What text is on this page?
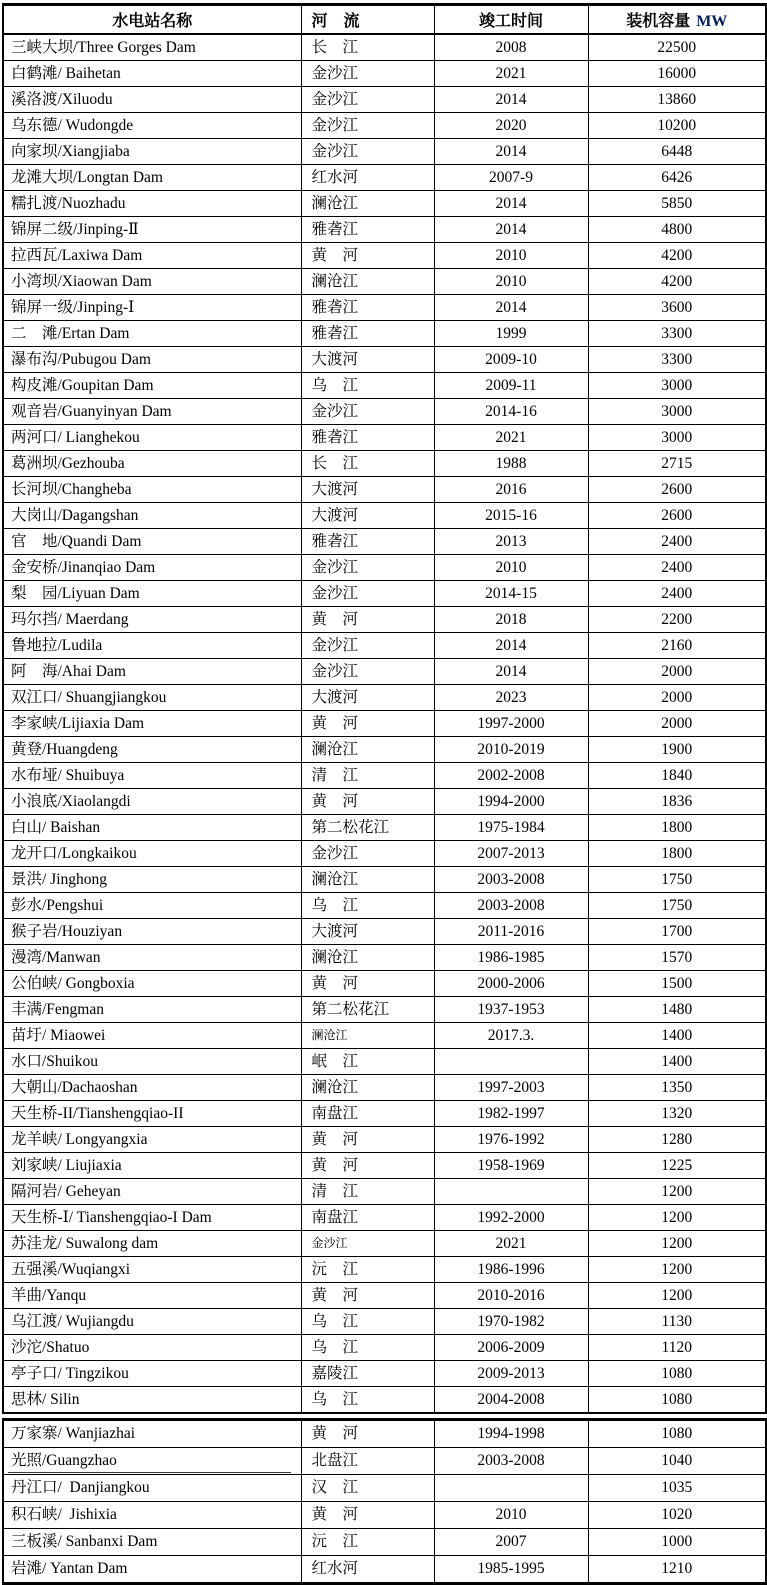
水电站名称	河　流	竣工时间	装机容量 MW
三峡大坝/Three Gorges Dam	长　江	2008	22500
白鹤滩/ Baihetan	金沙江	2021	16000
溪洛渡/Xiluodu	金沙江	2014	13860
乌东德/ Wudongde	金沙江	2020	10200
向家坝/Xiangjiaba	金沙江	2014	6448
龙滩大坝/Longtan Dam	红水河	2007-9	6426
糯扎渡/Nuozhadu	澜沧江	2014	5850
锦屏二级/Jinping-Ⅱ	雅砻江	2014	4800
拉西瓦/Laxiwa Dam	黄　河	2010	4200
小湾坝/Xiaowan Dam	澜沧江	2010	4200
锦屏一级/Jinping-Ⅰ	雅砻江	2014	3600
二　滩/Ertan Dam	雅砻江	1999	3300
瀑布沟/Pubugou Dam	大渡河	2009-10	3300
构皮滩/Goupitan Dam	乌　江	2009-11	3000
观音岩/Guanyinyan Dam	金沙江	2014-16	3000
两河口/ Lianghekou	雅砻江	2021	3000
葛洲坝/Gezhouba	长　江	1988	2715
长河坝/Changheba	大渡河	2016	2600
大岗山/Dagangshan	大渡河	2015-16	2600
官　地/Quandi Dam	雅砻江	2013	2400
金安桥/Jinanqiao Dam	金沙江	2010	2400
梨　园/Liyuan Dam	金沙江	2014-15	2400
玛尔挡/ Maerdang	黄　河	2018	2200
鲁地拉/Ludila	金沙江	2014	2160
阿　海/Ahai Dam	金沙江	2014	2000
双江口/ Shuangjiangkou	大渡河	2023	2000
李家峡/Lijiaxia Dam	黄　河	1997-2000	2000
黄登/Huangdeng	澜沧江	2010-2019	1900
水布垭/ Shuibuya	清　江	2002-2008	1840
小浪底/Xiaolangdi	黄　河	1994-2000	1836
白山/ Baishan	第二松花江	1975-1984	1800
龙开口/Longkaikou	金沙江	2007-2013	1800
景洪/ Jinghong	澜沧江	2003-2008	1750
彭水/Pengshui	乌　江	2003-2008	1750
猴子岩/Houziyan	大渡河	2011-2016	1700
漫湾/Manwan	澜沧江	1986-1985	1570
公伯峡/ Gongboxia	黄　河	2000-2006	1500
丰满/Fengman	第二松花江	1937-1953	1480
苗圩/ Miaowei	澜沧江	2017.3.	1400
水口/Shuikou	岷　江		1400
大朝山/Dachaoshan	澜沧江	1997-2003	1350
天生桥-II/Tianshengqiao-II	南盘江	1982-1997	1320
龙羊峡/ Longyangxia	黄　河	1976-1992	1280
刘家峡/ Liujiaxia	黄　河	1958-1969	1225
隔河岩/ Geheyan	清　江		1200
天生桥-Ⅰ/ Tianshengqiao-I Dam	南盘江	1992-2000	1200
苏洼龙/ Suwalong dam	金沙江	2021	1200
五强溪/Wuqiangxi	沅　江	1986-1996	1200
羊曲/Yanqu	黄　河	2010-2016	1200
乌江渡/ Wujiangdu	乌　江	1970-1982	1130
沙沱/Shatuo	乌　江	2006-2009	1120
亭子口/ Tingzikou	嘉陵江	2009-2013	1080
思林/ Silin	乌　江	2004-2008	1080
万家寨/ Wanjiazhai	黄　河	1994-1998	1080
光照/Guangzhao	北盘江	2003-2008	1040
丹江口/  Danjiangkou	汉　江		1035
积石峡/  Jishixia	黄　河	2010	1020
三板溪/ Sanbanxi Dam	沅　江	2007	1000
岩滩/ Yantan Dam	红水河	1985-1995	1210
